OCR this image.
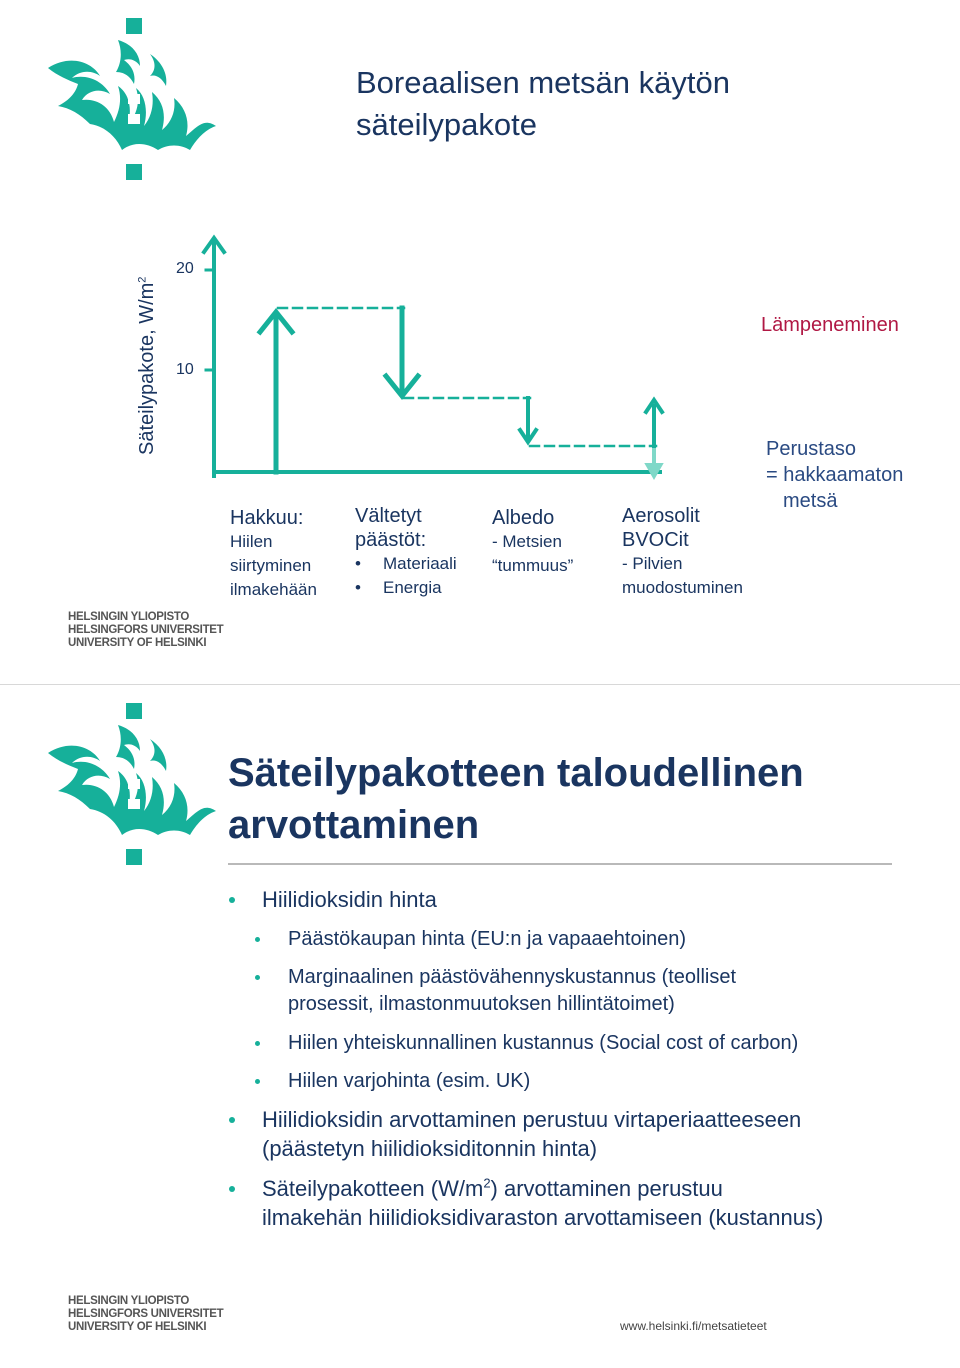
Boreaalisen metsän käytön
säteilypakote
Säteilypakote, $W/m^2$
20
10
Lämpeneminen
Perustaso
= hakkaamaton
metsä
Hakkuu:
Hiilen
siirtyminen
ilmakehään
Vältetyt
päästöt:
• Materiaali
• Energia
Albedo
- Metsien
“tummuus”
Aerosolit
BVOCit
- Pilvien
muodostuminen
HELSINGIN YLIOPISTO
HELSINGFORS UNIVERSITET
UNIVERSITY OF HELSINKI
Säteilypakotteen taloudellinen
arvottaminen
Hiilidioksidin hinta
Päästökaupan hinta (EU:n ja vapaaehtoinen)
Marginaalinen päästövähennyskustannus (teolliset
prosessit, ilmastonmuutoksen hillintätoimet)
Hiilen yhteiskunnallinen kustannus (Social cost of carbon)
Hiilen varjohinta (esim. UK)
Hiilidioksidin arvottaminen perustuu virtaperiaatteeseen
(päästetyn hiilidioksiditonnin hinta)
Säteilypakotteen $(W/m^2)$ arvottaminen perustuu
ilmakehän hiilidioksidivaraston arvottamiseen (kustannus)
HELSINGIN YLIOPISTO
HELSINGFORS UNIVERSITET
UNIVERSITY OF HELSINKI	www.helsinki.fi/metsatieteet
